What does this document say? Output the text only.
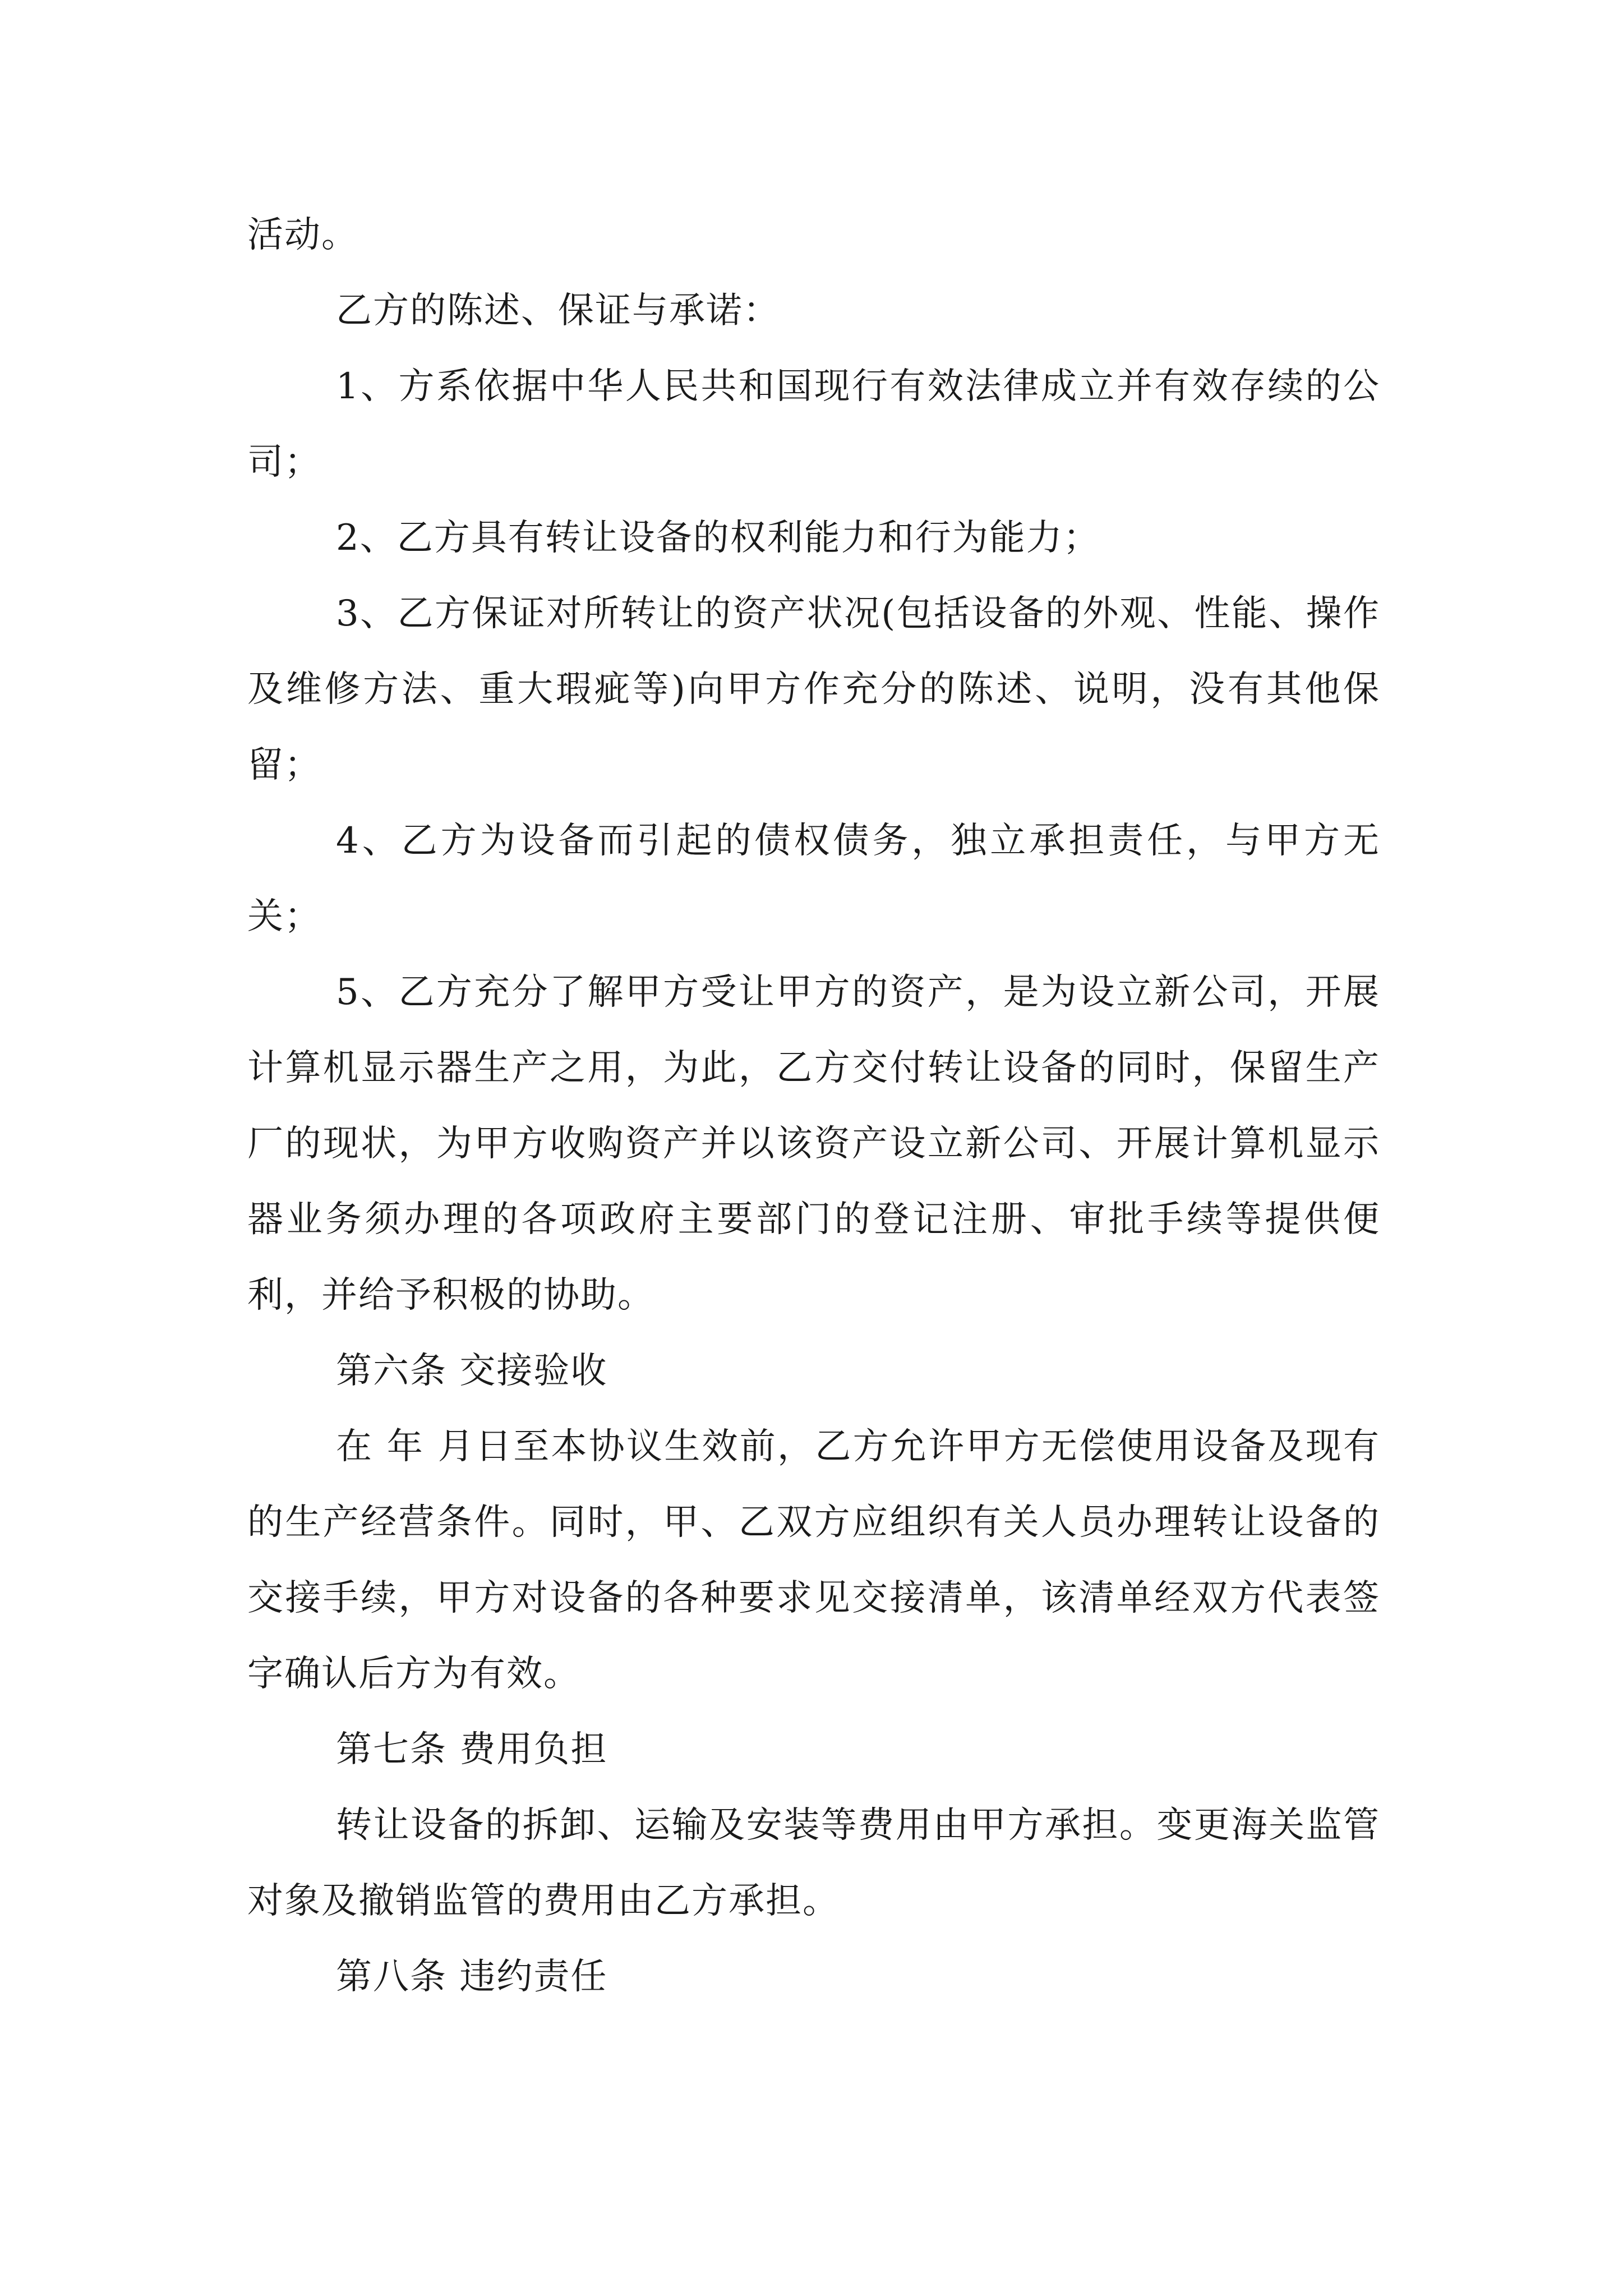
活动。

乙方的陈述、保证与承诺：

1、方系依据中华人民共和国现行有效法律成立并有效存续的公司；

2、乙方具有转让设备的权利能力和行为能力；

3、乙方保证对所转让的资产状况(包括设备的外观、性能、操作及维修方法、重大瑕疵等)向甲方作充分的陈述、说明，没有其他保留；

4、乙方为设备而引起的债权债务，独立承担责任，与甲方无关；

5、乙方充分了解甲方受让甲方的资产，是为设立新公司，开展计算机显示器生产之用，为此，乙方交付转让设备的同时，保留生产厂的现状，为甲方收购资产并以该资产设立新公司、开展计算机显示器业务须办理的各项政府主要部门的登记注册、审批手续等提供便利，并给予积极的协助。

第六条 交接验收

在 年 月日至本协议生效前，乙方允许甲方无偿使用设备及现有的生产经营条件。同时，甲、乙双方应组织有关人员办理转让设备的交接手续，甲方对设备的各种要求见交接清单，该清单经双方代表签字确认后方为有效。

第七条 费用负担

转让设备的拆卸、运输及安装等费用由甲方承担。变更海关监管对象及撤销监管的费用由乙方承担。

第八条 违约责任
